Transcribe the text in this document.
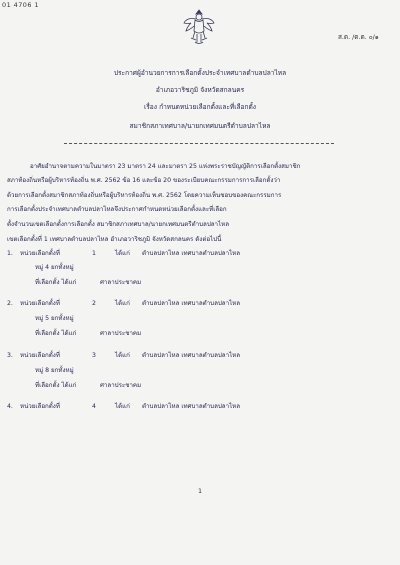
01 4706 1
ส.ต. /ต.ต. ๐/๑
ประกาศผู้อำนวยการการเลือกตั้งประจำเทศบาลตำบลปลาไหล
อำเภอวาริชภูมิ จังหวัดสกลนคร
เรื่อง กำหนดหน่วยเลือกตั้งและที่เลือกตั้ง
สมาชิกสภาเทศบาล/นายกเทศมนตรีตำบลปลาไหล
อาศัยอำนาจตามความในมาตรา 23 มาตรา 24 และมาตรา 25 แห่งพระราชบัญญัติการเลือกตั้งสมาชิก
สภาท้องถิ่นหรือผู้บริหารท้องถิ่น พ.ศ. 2562 ข้อ 16 และข้อ 20 ของระเบียบคณะกรรมการการเลือกตั้งว่า
ด้วยการเลือกตั้งสมาชิกสภาท้องถิ่นหรือผู้บริหารท้องถิ่น พ.ศ. 2562 โดยความเห็นชอบของคณะกรรมการ
การเลือกตั้งประจำเทศบาลตำบลปลาไหลจึงประกาศกำหนดหน่วยเลือกตั้งและที่เลือก
ตั้งจำนวนเขตเลือกตั้งการเลือกตั้ง สมาชิกสภาเทศบาล/นายกเทศมนตรีตำบลปลาไหล
เขตเลือกตั้งที่ 1 เทศบาลตำบลปลาไหล อำเภอวาริชภูมิ จังหวัดสกลนคร ดังต่อไปนี้
1. หน่วยเลือกตั้งที่	1	ได้แก่ ตำบลปลาไหล เทศบาลตำบลปลาไหล
หมู่ 4 ยกทั้งหมู่
ที่เลือกตั้ง ได้แก่	ศาลาประชาคม
2. หน่วยเลือกตั้งที่	2	ได้แก่ ตำบลปลาไหล เทศบาลตำบลปลาไหล
หมู่ 5 ยกทั้งหมู่
ที่เลือกตั้ง ได้แก่	ศาลาประชาคม
3. หน่วยเลือกตั้งที่	3	ได้แก่ ตำบลปลาไหล เทศบาลตำบลปลาไหล
หมู่ 8 ยกทั้งหมู่
ที่เลือกตั้ง ได้แก่	ศาลาประชาคม
4. หน่วยเลือกตั้งที่	4	ได้แก่ ตำบลปลาไหล เทศบาลตำบลปลาไหล
1
